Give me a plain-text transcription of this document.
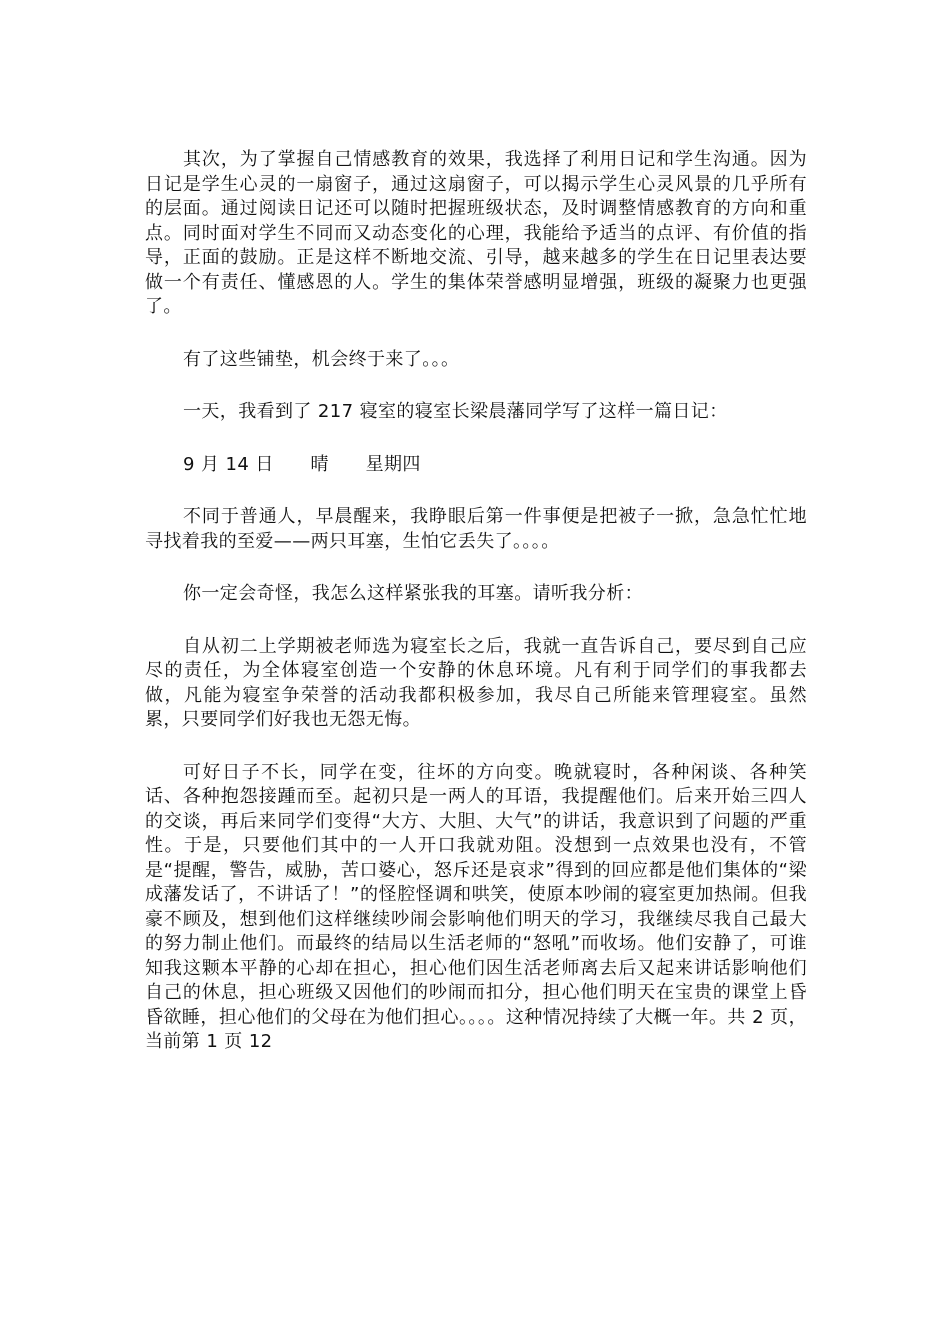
其次，为了掌握自己情感教育的效果，我选择了利用日记和学生沟通。因为日记是学生心灵的一扇窗子，通过这扇窗子，可以揭示学生心灵风景的几乎所有的层面。通过阅读日记还可以随时把握班级状态，及时调整情感教育的方向和重点。同时面对学生不同而又动态变化的心理，我能给予适当的点评、有价值的指导，正面的鼓励。正是这样不断地交流、引导，越来越多的学生在日记里表达要做一个有责任、懂感恩的人。学生的集体荣誉感明显增强，班级的凝聚力也更强了。

有了这些铺垫，机会终于来了。。。

一天，我看到了 217 寝室的寝室长梁晨藩同学写了这样一篇日记：

9 月 14 日 晴 星期四

不同于普通人，早晨醒来，我睁眼后第一件事便是把被子一掀，急急忙忙地寻找着我的至爱——两只耳塞，生怕它丢失了。。。。

你一定会奇怪，我怎么这样紧张我的耳塞。请听我分析：

自从初二上学期被老师选为寝室长之后，我就一直告诉自己，要尽到自己应尽的责任，为全体寝室创造一个安静的休息环境。凡有利于同学们的事我都去做，凡能为寝室争荣誉的活动我都积极参加，我尽自己所能来管理寝室。虽然累，只要同学们好我也无怨无悔。

可好日子不长，同学在变，往坏的方向变。晚就寝时，各种闲谈、各种笑话、各种抱怨接踵而至。起初只是一两人的耳语，我提醒他们。后来开始三四人的交谈，再后来同学们变得“大方、大胆、大气”的讲话，我意识到了问题的严重性。于是，只要他们其中的一人开口我就劝阻。没想到一点效果也没有，不管是“提醒，警告，威胁，苦口婆心，怒斥还是哀求”得到的回应都是他们集体的“梁成藩发话了，不讲话了！”的怪腔怪调和哄笑，使原本吵闹的寝室更加热闹。但我豪不顾及，想到他们这样继续吵闹会影响他们明天的学习，我继续尽我自己最大的努力制止他们。而最终的结局以生活老师的“怒吼”而收场。他们安静了，可谁知我这颗本平静的心却在担心，担心他们因生活老师离去后又起来讲话影响他们自己的休息，担心班级又因他们的吵闹而扣分，担心他们明天在宝贵的课堂上昏昏欲睡，担心他们的父母在为他们担心。。。。这种情况持续了大概一年。共 2 页，当前第 1 页 12
